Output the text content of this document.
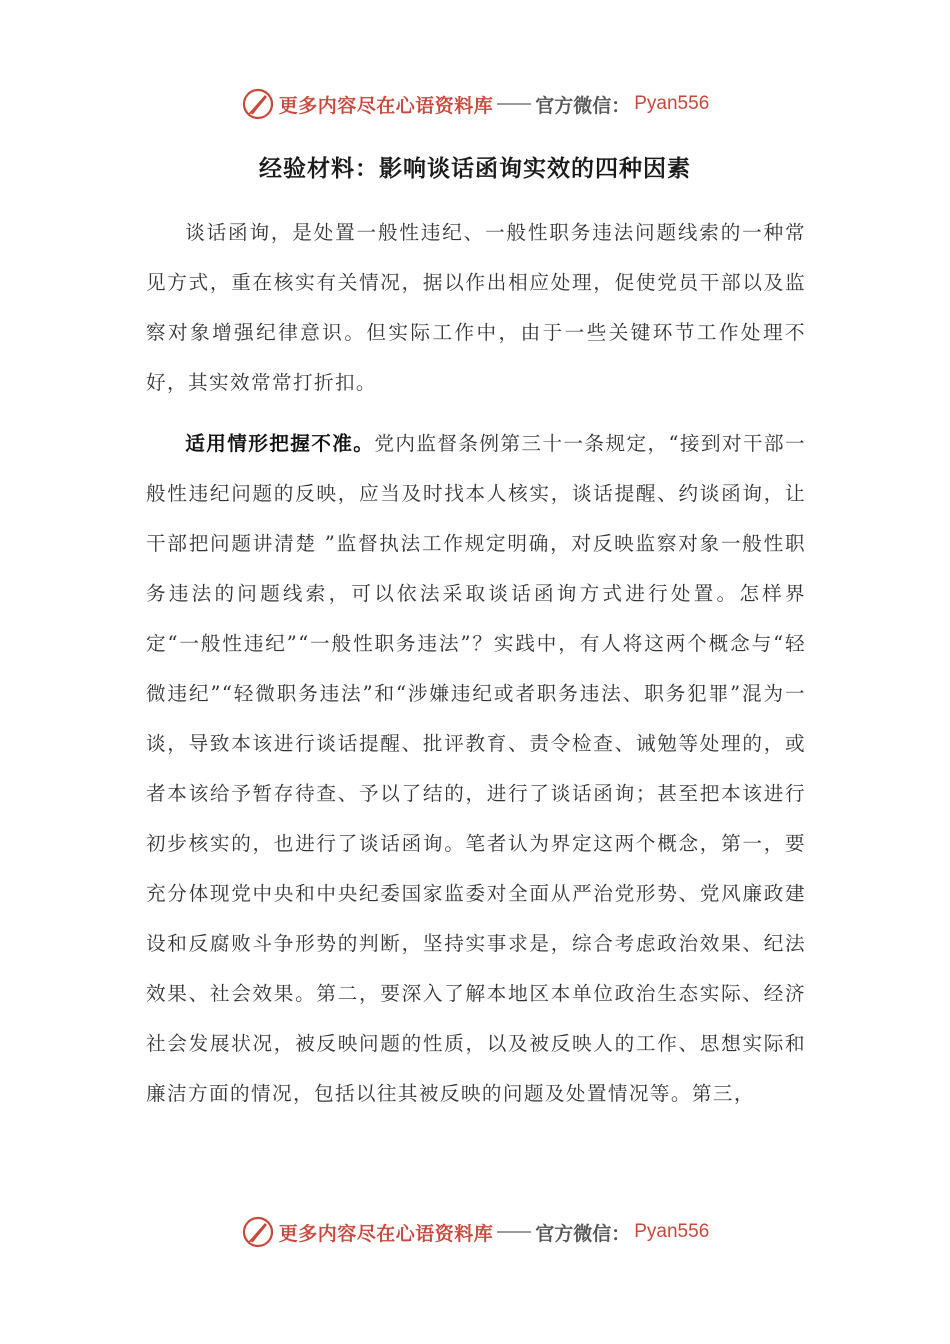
更多内容尽在心语资料库 官方微信： Pyan556
经验材料：影响谈话函询实效的四种因素

谈话函询，是处置一般性违纪、一般性职务违法问题线索的一种常见方式，重在核实有关情况，据以作出相应处理，促使党员干部以及监察对象增强纪律意识。但实际工作中，由于一些关键环节工作处理不好，其实效常常打折扣。

适用情形把握不准。党内监督条例第三十一条规定，“接到对干部一般性违纪问题的反映，应当及时找本人核实，谈话提醒、约谈函询，让干部把问题讲清楚 ”监督执法工作规定明确，对反映监察对象一般性职务违法的问题线索，可以依法采取谈话函询方式进行处置。怎样界定“一般性违纪”“一般性职务违法”？实践中，有人将这两个概念与“轻微违纪”“轻微职务违法”和“涉嫌违纪或者职务违法、职务犯罪”混为一谈，导致本该进行谈话提醒、批评教育、责令检查、诫勉等处理的，或者本该给予暂存待查、予以了结的，进行了谈话函询；甚至把本该进行初步核实的，也进行了谈话函询。笔者认为界定这两个概念，第一，要充分体现党中央和中央纪委国家监委对全面从严治党形势、党风廉政建设和反腐败斗争形势的判断，坚持实事求是，综合考虑政治效果、纪法效果、社会效果。第二，要深入了解本地区本单位政治生态实际、经济社会发展状况，被反映问题的性质，以及被反映人的工作、思想实际和廉洁方面的情况，包括以往其被反映的问题及处置情况等。第三，

更多内容尽在心语资料库 官方微信： Pyan556
